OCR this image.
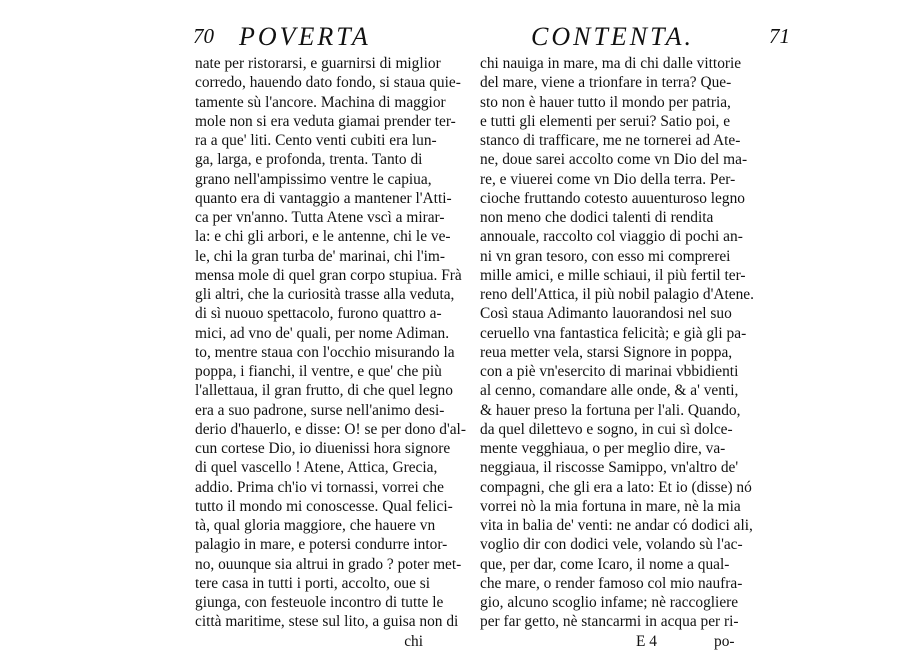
70 POVERTA
nate per ristorarsi, e guarnirsi di miglior
corredo, hauendo dato fondo, si staua quie-
tamente sù l'ancore. Machina di maggior
mole non si era veduta giamai prender ter-
ra a que' liti. Cento venti cubiti era lun-
ga, larga, e profonda, trenta. Tanto di
grano nell'ampissimo ventre le capiua,
quanto era di vantaggio a mantener l'Atti-
ca per vn'anno. Tutta Atene vscì a mirar-
la: e chi gli arbori, e le antenne, chi le ve-
le, chi la gran turba de' marinai, chi l'im-
mensa mole di quel gran corpo stupiua. Frà
gli altri, che la curiosità trasse alla veduta,
di sì nuouo spettacolo, furono quattro a-
mici, ad vno de' quali, per nome Adiman.
to, mentre staua con l'occhio misurando la
poppa, i fianchi, il ventre, e que' che più
l'allettaua, il gran frutto, di che quel legno
era a suo padrone, surse nell'animo desi-
derio d'hauerlo, e disse: O! se per dono d'al-
cun cortese Dio, io diuenissi hora signore
di quel vascello ! Atene, Attica, Grecia,
addio. Prima ch'io vi tornassi, vorrei che
tutto il mondo mi conoscesse. Qual felici-
tà, qual gloria maggiore, che hauere vn
palagio in mare, e potersi condurre intor-
no, ouunque sia altrui in grado ? poter met-
tere casa in tutti i porti, accolto, oue si
giunga, con festeuole incontro di tutte le
città maritime, stese sul lito, a guisa non di
chi
CONTENTA.	71
chi nauiga in mare, ma di chi dalle vittorie
del mare, viene a trionfare in terra? Que-
sto non è hauer tutto il mondo per patria,
e tutti gli elementi per serui? Satio poi, e
stanco di trafficare, me ne tornerei ad Ate-
ne, doue sarei accolto come vn Dio del ma-
re, e viuerei come vn Dio della terra. Per-
cioche fruttando cotesto auuenturoso legno
non meno che dodici talenti di rendita
annouale, raccolto col viaggio di pochi an-
ni vn gran tesoro, con esso mi comprerei
mille amici, e mille schiaui, il più fertil ter-
reno dell'Attica, il più nobil palagio d'Atene.
Così staua Adimanto lauorandosi nel suo
ceruello vna fantastica felicità; e già gli pa-
reua metter vela, starsi Signore in poppa,
con a piè vn'esercito di marinai vbbidienti
al cenno, comandare alle onde, & a' venti,
& hauer preso la fortuna per l'ali. Quando,
da quel dilettevo e sogno, in cui sì dolce-
mente vegghiaua, o per meglio dire, va-
neggiaua, il riscosse Samippo, vn'altro de'
compagni, che gli era a lato: Et io (disse) nó
vorrei nò la mia fortuna in mare, nè la mia
vita in balia de' venti: ne andar có dodici ali,
voglio dir con dodici vele, volando sù l'ac-
que, per dar, come Icaro, il nome a qual-
che mare, o render famoso col mio naufra-
gio, alcuno scoglio infame; nè raccogliere
per far getto, nè stancarmi in acqua per ri-
E 4	po-
